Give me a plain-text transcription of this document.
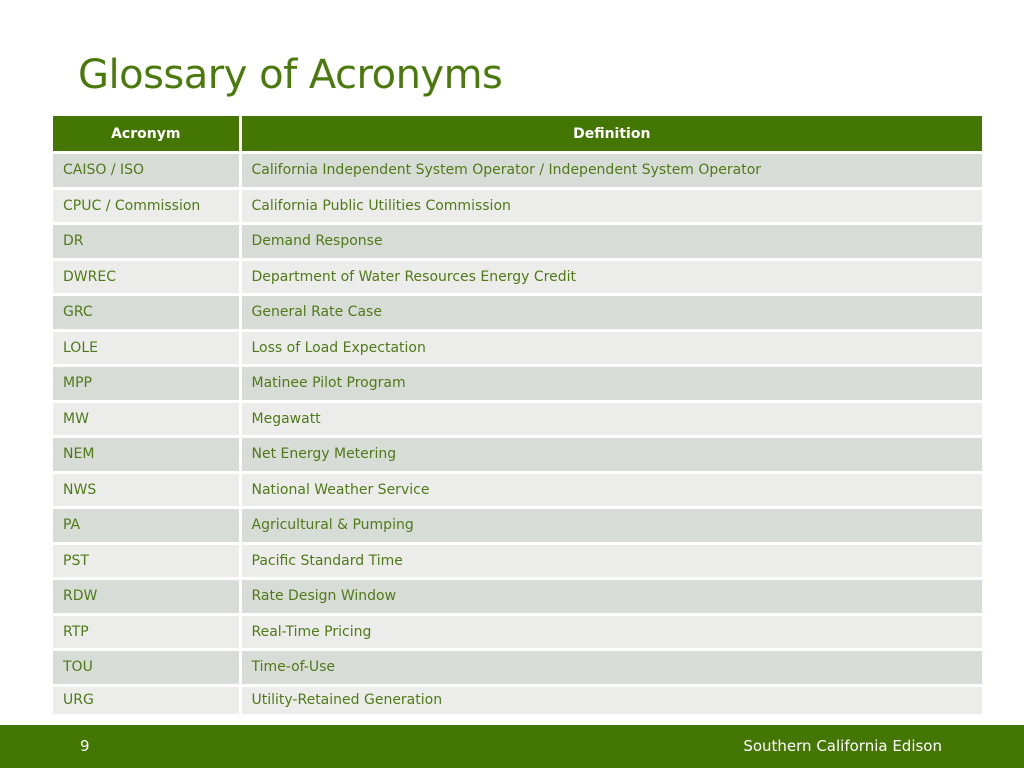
Glossary of Acronyms
Acronym	Definition
CAISO / ISO	California Independent System Operator / Independent System Operator
CPUC / Commission	California Public Utilities Commission
DR	Demand Response
DWREC	Department of Water Resources Energy Credit
GRC	General Rate Case
LOLE	Loss of Load Expectation
MPP	Matinee Pilot Program
MW	Megawatt
NEM	Net Energy Metering
NWS	National Weather Service
PA	Agricultural & Pumping
PST	Pacific Standard Time
RDW	Rate Design Window
RTP	Real-Time Pricing
TOU	Time-of-Use
URG	Utility-Retained Generation
9	Southern California Edison
